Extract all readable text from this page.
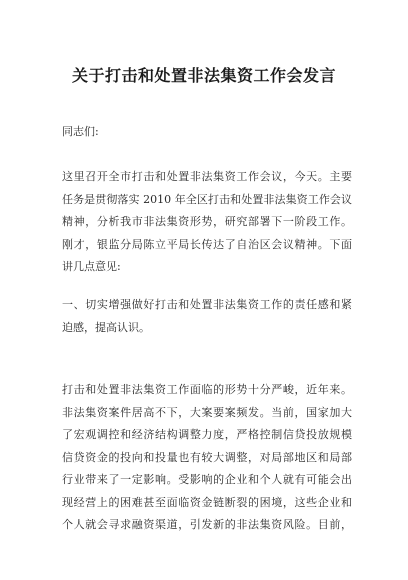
关于打击和处置非法集资工作会发言
同志们:
这里召开全市打击和处置非法集资工作会议，今天。主要
任务是贯彻落实 2010 年全区打击和处置非法集资工作会议
精神，分析我市非法集资形势，研究部署下一阶段工作。
刚才，银监分局陈立平局长传达了自治区会议精神。下面
讲几点意见:
一、切实增强做好打击和处置非法集资工作的责任感和紧
迫感，提高认识。
打击和处置非法集资工作面临的形势十分严峻，近年来。
非法集资案件居高不下，大案要案频发。当前，国家加大
了宏观调控和经济结构调整力度，严格控制信贷投放规模
信贷资金的投向和投量也有较大调整，对局部地区和局部
行业带来了一定影响。受影响的企业和个人就有可能会出
现经营上的困难甚至面临资金链断裂的困境，这些企业和
个人就会寻求融资渠道，引发新的非法集资风险。目前，
